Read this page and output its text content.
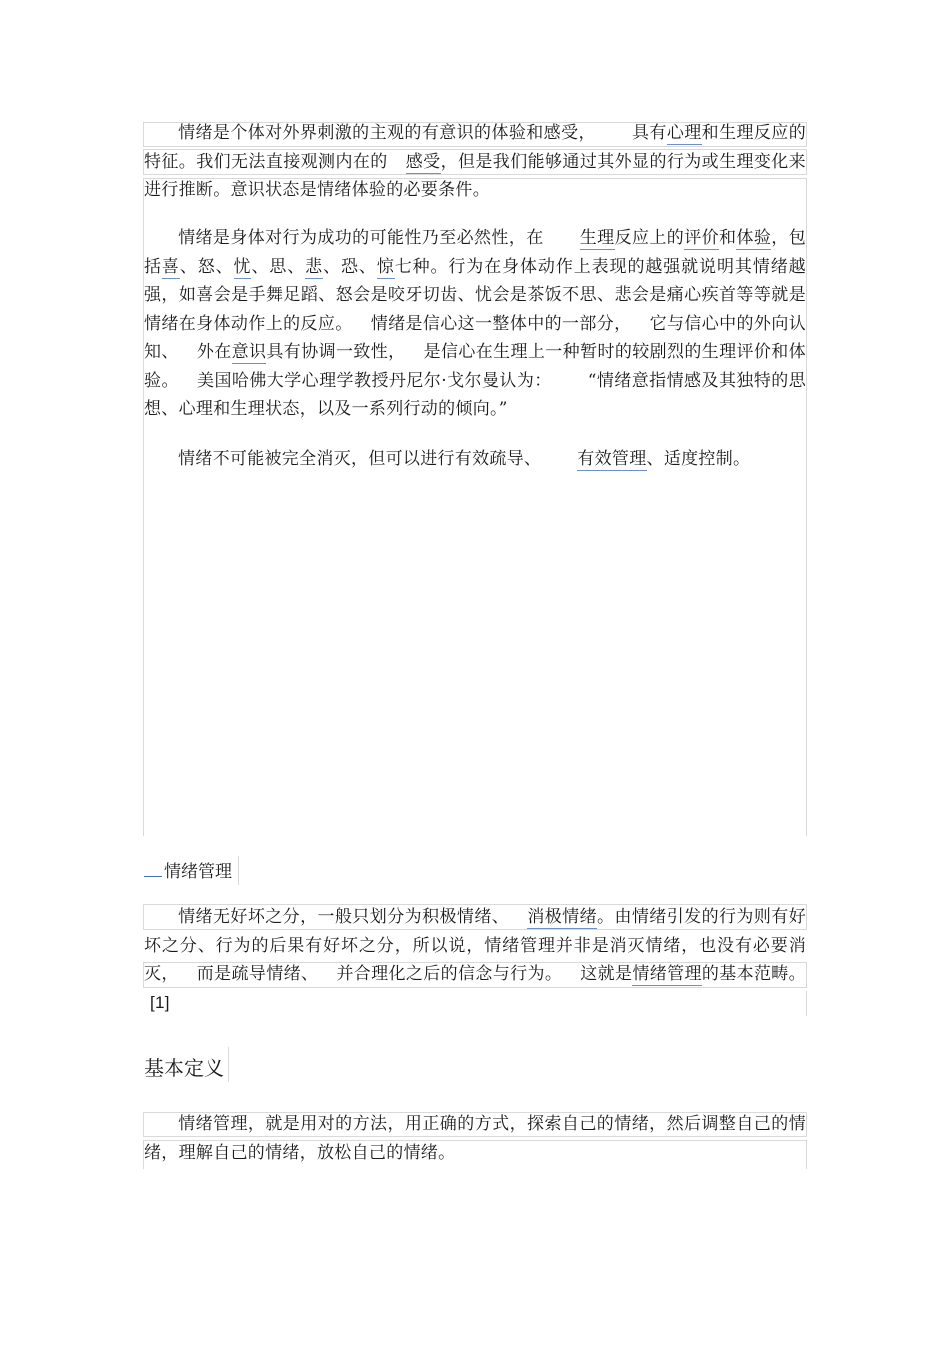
情绪是个体对外界刺激的主观的有意识的体验和感受， 具有心理和生理反应的特征。我们无法直接观测内在的 感受，但是我们能够通过其外显的行为或生理变化来进行推断。意识状态是情绪体验的必要条件。
情绪是身体对行为成功的可能性乃至必然性，在 生理反应上的评价和体验，包括喜、怒、忧、思、悲、恐、惊七种。行为在身体动作上表现的越强就说明其情绪越强，如喜会是手舞足蹈、怒会是咬牙切齿、忧会是茶饭不思、悲会是痛心疾首等等就是情绪在身体动作上的反应。 情绪是信心这一整体中的一部分， 它与信心中的外向认知、 外在意识具有协调一致性， 是信心在生理上一种暂时的较剧烈的生理评价和体验。 美国哈佛大学心理学教授丹尼尔·戈尔曼认为： “情绪意指情感及其独特的思想、心理和生理状态，以及一系列行动的倾向。”
情绪不可能被完全消灭，但可以进行有效疏导、 有效管理、适度控制。
情绪管理
情绪无好坏之分，一般只划分为积极情绪、 消极情绪。由情绪引发的行为则有好坏之分、行为的后果有好坏之分，所以说，情绪管理并非是消灭情绪，也没有必要消灭， 而是疏导情绪、 并合理化之后的信念与行为。 这就是情绪管理的基本范畴。[1]
基本定义
情绪管理，就是用对的方法，用正确的方式，探索自己的情绪，然后调整自己的情绪，理解自己的情绪，放松自己的情绪。
